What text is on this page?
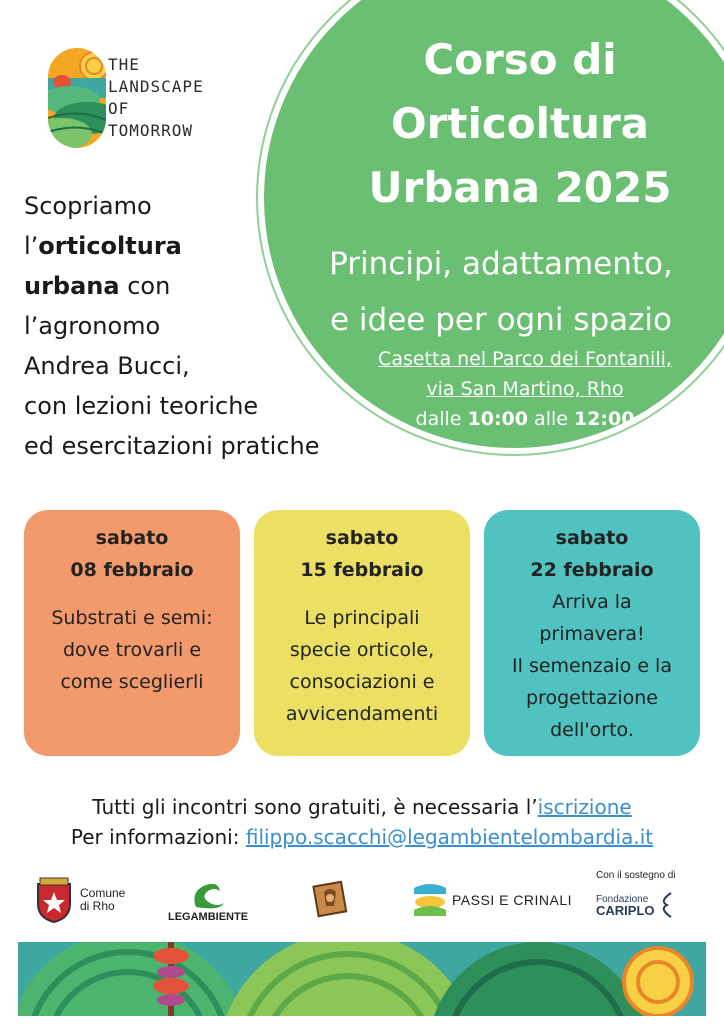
THE
LANDSCAPE
OF
TOMORROW
Corso di
Orticoltura
Urbana 2025
Principi, adattamento,
e idee per ogni spazio
Casetta nel Parco dei Fontanili,
via San Martino, Rho
dalle 10:00 alle 12:00
Scopriamo
l’orticoltura
urbana con
l’agronomo
Andrea Bucci,
con lezioni teoriche
ed esercitazioni pratiche
sabato
08 febbraio
Substrati e semi:
dove trovarli e
come sceglierli
sabato
15 febbraio
Le principali
specie orticole,
consociazioni e
avvicendamenti
sabato
22 febbraio
Arriva la
primavera!
Il semenzaio e la
progettazione
dell'orto.
Tutti gli incontri sono gratuiti, è necessaria l’iscrizione
Per informazioni: filippo.scacchi@legambientelombardia.it
Comune
di Rho
LEGAMBIENTE
PASSI E CRINALI
Con il sostegno di
Fondazione
CARIPLO
